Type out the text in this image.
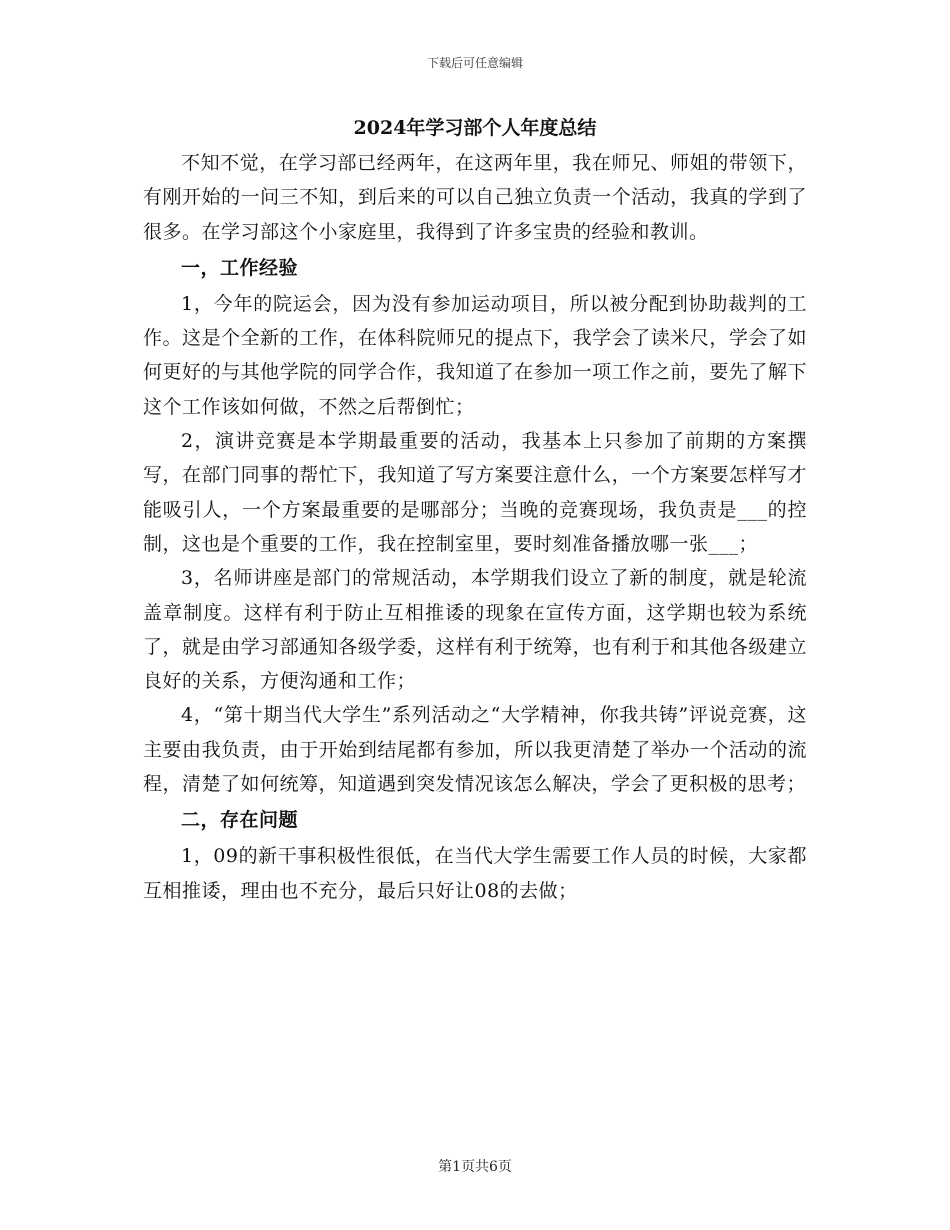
下载后可任意编辑
2024年学习部个人年度总结

不知不觉，在学习部已经两年，在这两年里，我在师兄、师姐的带领下，有刚开始的一问三不知，到后来的可以自己独立负责一个活动，我真的学到了很多。在学习部这个小家庭里，我得到了许多宝贵的经验和教训。

一，工作经验

1，今年的院运会，因为没有参加运动项目，所以被分配到协助裁判的工作。这是个全新的工作，在体科院师兄的提点下，我学会了读米尺，学会了如何更好的与其他学院的同学合作，我知道了在参加一项工作之前，要先了解下这个工作该如何做，不然之后帮倒忙；

2，演讲竞赛是本学期最重要的活动，我基本上只参加了前期的方案撰写，在部门同事的帮忙下，我知道了写方案要注意什么，一个方案要怎样写才能吸引人，一个方案最重要的是哪部分；当晚的竞赛现场，我负责是___的控制，这也是个重要的工作，我在控制室里，要时刻准备播放哪一张___；

3，名师讲座是部门的常规活动，本学期我们设立了新的制度，就是轮流盖章制度。这样有利于防止互相推诿的现象在宣传方面，这学期也较为系统了，就是由学习部通知各级学委，这样有利于统筹，也有利于和其他各级建立良好的关系，方便沟通和工作；

4，“第十期当代大学生”系列活动之“大学精神，你我共铸”评说竞赛，这主要由我负责，由于开始到结尾都有参加，所以我更清楚了举办一个活动的流程，清楚了如何统筹，知道遇到突发情况该怎么解决，学会了更积极的思考；

二，存在问题

1，09的新干事积极性很低，在当代大学生需要工作人员的时候，大家都互相推诿，理由也不充分，最后只好让08的去做；

第1页共6页
